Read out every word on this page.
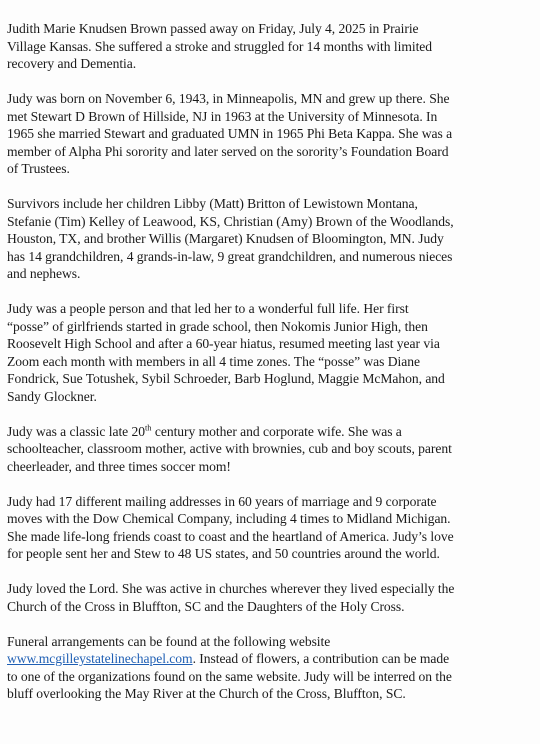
Judith Marie Knudsen Brown passed away on Friday, July 4, 2025 in Prairie
Village Kansas. She suffered a stroke and struggled for 14 months with limited
recovery and Dementia.

Judy was born on November 6, 1943, in Minneapolis, MN and grew up there. She
met Stewart D Brown of Hillside, NJ in 1963 at the University of Minnesota. In
1965 she married Stewart and graduated UMN in 1965 Phi Beta Kappa. She was a
member of Alpha Phi sorority and later served on the sorority’s Foundation Board
of Trustees.

Survivors include her children Libby (Matt) Britton of Lewistown Montana,
Stefanie (Tim) Kelley of Leawood, KS, Christian (Amy) Brown of the Woodlands,
Houston, TX, and brother Willis (Margaret) Knudsen of Bloomington, MN. Judy
has 14 grandchildren, 4 grands-in-law, 9 great grandchildren, and numerous nieces
and nephews.

Judy was a people person and that led her to a wonderful full life. Her first
“posse” of girlfriends started in grade school, then Nokomis Junior High, then
Roosevelt High School and after a 60-year hiatus, resumed meeting last year via
Zoom each month with members in all 4 time zones. The “posse” was Diane
Fondrick, Sue Totushek, Sybil Schroeder, Barb Hoglund, Maggie McMahon, and
Sandy Glockner.

Judy was a classic late 20th century mother and corporate wife. She was a
schoolteacher, classroom mother, active with brownies, cub and boy scouts, parent
cheerleader, and three times soccer mom!

Judy had 17 different mailing addresses in 60 years of marriage and 9 corporate
moves with the Dow Chemical Company, including 4 times to Midland Michigan.
She made life-long friends coast to coast and the heartland of America. Judy’s love
for people sent her and Stew to 48 US states, and 50 countries around the world.

Judy loved the Lord. She was active in churches wherever they lived especially the
Church of the Cross in Bluffton, SC and the Daughters of the Holy Cross.

Funeral arrangements can be found at the following website
www.mcgilleystatelinechapel.com. Instead of flowers, a contribution can be made
to one of the organizations found on the same website. Judy will be interred on the
bluff overlooking the May River at the Church of the Cross, Bluffton, SC.
